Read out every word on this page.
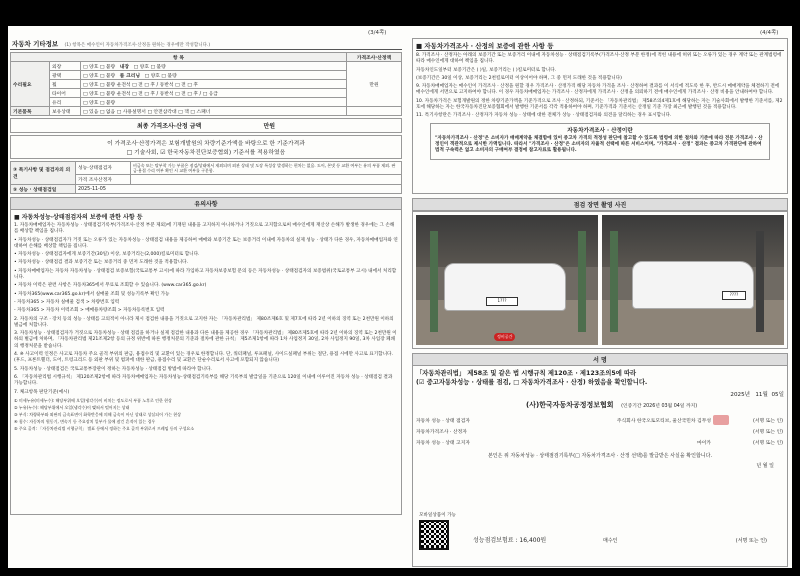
(3/4쪽)	(4/4쪽)
자동차 기타정보 (1) 항목은 매수인이 자동차가격조사·산정을 원하는 경우에만 작성합니다.)
항 목			가격조사·산정액
수리필요	외장	□ 양호 □ 불량 내장 □ 양호 □ 불량	만원
	광택	□ 양호 □ 불량 룸 크리닝 □ 양호 □ 불량	
	휠	□ 양호 □ 불량 운전석 □ 전 □ 후 / 동반석 □ 전 □ 후	
	타이어	□ 양호 □ 불량 운전석 □ 전 □ 후 / 동반석 □ 전 □ 후 / □ 응급	
	유리	□ 양호 □ 불량	
기본품목	보유상태	□ 있음 □ 없음 □ 사용설명서 □ 안전삼각대 □ 잭 □ 스패너	
최종 가격조사·산정 금액	만원
이 가격조사·산정가격은 보험개발원의 차량기준가액을 바탕으로 한 기준가격과
□ 기술사회, ☑ 한국자동차진단보증협회) 기준서를 적용하였음
③ 특기사항 및 점검자의 의견	성능·상태점검자	비금속 또는 탈부착 가능 부품은 점검/상태에서 제외되며 외관 상태 및 도장 특성상 발생하는 편차는 없음. 도어, 본넷 등 교환 여부는 유의 부품 제외. 판금·용접 수리 여부 확인 시 교환 여부를 구분함.
	가격 조사산정자	
⑤ 성능 · 상태점검일	2025-11-05	
유의사항
■ 자동차성능·상태점검자의 보증에 관한 사항 등
1. 자동차매매업자는 자동차성능 · 상태점검기록부(가격조사·산정 부분 제외)에 기재된 내용을 고지하지 아니하거나 거짓으로 고지함으로써 매수인에게 재산상 손해가 발생한 경우에는 그 손해를 배상할 책임을 집니다.
• 자동차성능 · 상태점검자가 거짓 또는 오류가 있는 자동차성능 · 상태점검 내용을 제공하여 매매와 보증기간 또는 보증거리 이내에 자동차의 실제 성능 · 상태가 다른 경우, 자동차매매업자와 연대하여 손해를 배상할 책임을 집니다.
• 자동차성능 · 상태점검자에게 보증기간(30일) 이상, 보증거리는(2,000)킬로미터로 합니다.
• 자동차성능 · 상태점검 결과 보증기간 또는 보증거리 중 먼저 도래한 것을 적용합니다.
• 자동차매매업자는 자동차 자동차성능 · 상태점검 보증보험(국토교통부 고시)에 따라 가입하고 자동차보증보험 문의 등은 자동차성능 · 상태점검자의 보증범위(국토교통부 고시) 내에서 처리합니다.
• 자동차 이력은 관련 사항은 자동차365에서 무료로 조회할 수 있습니다. (www.car365.go.kr)
• 자동차365(www.car365.go.kr)에서 실매물 조회 및 성능기록부 확인 가능
- 자동차365 > 자동차 실매물 검색 > 차량번호 입력
- 자동차365 > 자동차 이력조회 > 매매용차량조회 > 자동차등록번호 입력
2. 자동차의 구조 · 장치 등의 성능 · 상태를 고의적이 아니라 제시 점검한 내용을 거짓으로 고지한 자는 「자동차관리법」 제80조제6호 및 제7호에 따라 2년 이하의 징역 또는 2천만원 이하의 벌금에 처합니다.
3. 자동차성능 · 상태점검자가 거짓으로 자동차성능 · 상태 점검을 하거나 실제 점검한 내용과 다른 내용을 제공한 경우 「자동차관리법」 제80조제5호에 따라 2년 이하의 징역 또는 2천만원 이하의 벌금에 처하며, 「자동차관리법 제21조제2항 등의 규정 위반에 따른 행정처분의 기준과 절차에 관한 규칙」 제5조제1항에 따라 1차 사업정지 30일, 2차 사업정지 90일, 3차 사업장 폐쇄의 행정처분을 받습니다.
4. ※ 사고이력 인정은 사고로 자동차 주요 골격 부위의 판금, 용접수리 및 교환이 있는 경우로 한정합니다. 단, 쿼터패널, 루프패널, 사이드실패널 부위는 절단, 용접 시에만 사고로 표기합니다. (후드, 프론트휀더, 도어, 트렁크리드 등 외판 부위 및 범퍼에 대한 판금, 용접수리 및 교환은 단순수리로서 사고에 포함되지 않습니다)
5. 자동차성능 · 상태점검은 국토교통부장관이 정하는 자동차성능 · 상태점검 방법에 따라야 합니다.
6. 「자동차관리법 시행규칙」 제120조제2항에 따라 자동차매매업자는 자동차성능·상태점검기록부를 해당 기록부의 발급일을 기준으로 120일 이내에 이루어진 자동차 성능 · 상태점검 결과 가능합니다.
7. 체크항목 판단기준(예시)
① 미세누유(미세누수): 해당부위에 오일(냉각수)이 비치는 정도로서 부품 노후로 인한 현상
② 누유(누수): 해당부위에서 오일(냉각수)이 맺혀서 떨어지는 상태
③ 부식: 차량하부와 외판의 금속표면이 화학반응에 의해 금속이 아닌 상태로 상실되어 가는 현상
④ 침수: 자동차의 원동기, 변속기 등 주요장치 일부가 물에 잠긴 흔적이 있는 경우
⑤ 주요 골격: 「자동차관리법 시행규칙」 별표 등에서 정하는 주요 골격 부위로서 프레임 등의 구성요소
■ 자동차가격조사 · 산정의 보증에 관한 사항 등
8. 가격조사 · 산정자는 아래의 보증기간 또는 보증거리 이내에 자동차성능 · 상태점검기록부(가격조사·산정 부분 한정)에 적힌 내용에 허위 또는 오류가 있는 경우 계약 또는 관계법령에 따라 매수인에게 대하여 책임을 집니다.
자동차인도일부터 보증기간은 ( )일, 보증거리는 ( )킬로미터로 합니다.
(보증기간은 30일 이상, 보증거리는 2천킬로미터 이상이어야 하며, 그 중 먼저 도래한 것을 적용합니다)
9. 자동차매매업자는 매수인이 가격조사 · 산정을 원할 경우 가격조사 · 산정가격 해당 자동차 가격을 조사 · 산정하여 결과를 이 서식에 적도록 한 후, 반드시 매매계약을 체결하기 전에 매수인에게 서면으로 고지하여야 합니다. 이 경우 자동차매매업자는 가격조사 · 산정자에게 가격조사 · 산정을 의뢰하기 전에 매수인에게 가격조사 · 산정 비용을 안내하여야 합니다.
10. 자동차가격은 보험개발원의 정한 차량기준가액을 기준가격으로 조사 · 산정하되, 기준서는 「자동차관리법」 제58조의4제1호에 해당하는 자는 기술사회에서 발행한 기준서를, 제2호에 해당하는 자는 한국자동차진단보증협회에서 발행한 기준서를 각각 적용하여야 하며, 기준가격과 기준서는 산정일 기준 가장 최근에 발행된 것을 적용합니다.
11. 특기사항란은 가격조사 · 산정자가 자동차 성능 · 상태에 대한 전체가 상능 · 상태점검자와 의견을 달리하는 경우 표시합니다.
자동차가격조사 · 산정이란
"자동차가격조사 · 산정"은 소비자가 매매계약을 체결함에 있어 중고차 가격의 적정성 판단에 참고할 수 있도록 법령에 의한 절차와 기준에 따라 전문 가격조사 · 산정인이 객관적으로 제시한 가액입니다. 따라서 "가격조사 · 산정"은 소비자의 자율적 선택에 따른 서비스이며, "가격조사 · 산정" 결과는 중고차 가격판단에 관하여 법적 구속력은 없고 소비자의 구매여부 결정에 참고자료로 활용됩니다.
점검 장면 촬영 사진
1???
정비공간
????
서 명
「자동차관리법」 제58조 및 같은 법 시행규칙 제120조 · 제123조의5에 따라
(☑ 중고자동차성능 · 상태를 점검, □ 자동차가격조사 · 산정) 하였음을 확인합니다.
2025년 11월 05일
(사)한국자동차공정정보협회 (인증기간 2026년 03월 04일 까지)
자동차 성능 · 상태 점검자	주식회사 한국오토모티브, 울산국민차 김무성		(서명 또는 인)
자동차가격조사 · 산정자			(서명 또는 인)
자동차 성능 · 상태 고지자	마이카		(서명 또는 인)
본인은 위 자동차성능 · 상태점검기록부(□ 자동차가격조사 · 산정 선택)를 발급받은 사실을 확인합니다.
년 월 일
모바일상품이 가능
성능점검보험료 : 16,400원	매수인	(서명 또는 인)
